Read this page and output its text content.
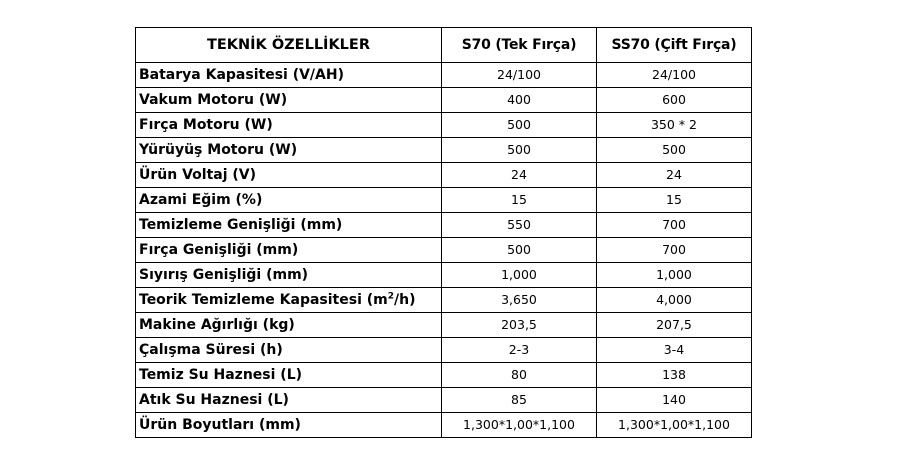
TEKNİK ÖZELLİKLER	S70 (Tek Fırça)	SS70 (Çift Fırça)
Batarya Kapasitesi (V/AH)	24/100	24/100
Vakum Motoru (W)	400	600
Fırça Motoru (W)	500	350 * 2
Yürüyüş Motoru (W)	500	500
Ürün Voltaj (V)	24	24
Azami Eğim (%)	15	15
Temizleme Genişliği (mm)	550	700
Fırça Genişliği (mm)	500	700
Sıyırış Genişliği (mm)	1,000	1,000
Teorik Temizleme Kapasitesi $(m^2/h)$	3,650	4,000
Makine Ağırlığı (kg)	203,5	207,5
Çalışma Süresi (h)	2-3	3-4
Temiz Su Haznesi (L)	80	138
Atık Su Haznesi (L)	85	140
Ürün Boyutları (mm)	1,300*1,00*1,100	1,300*1,00*1,100
